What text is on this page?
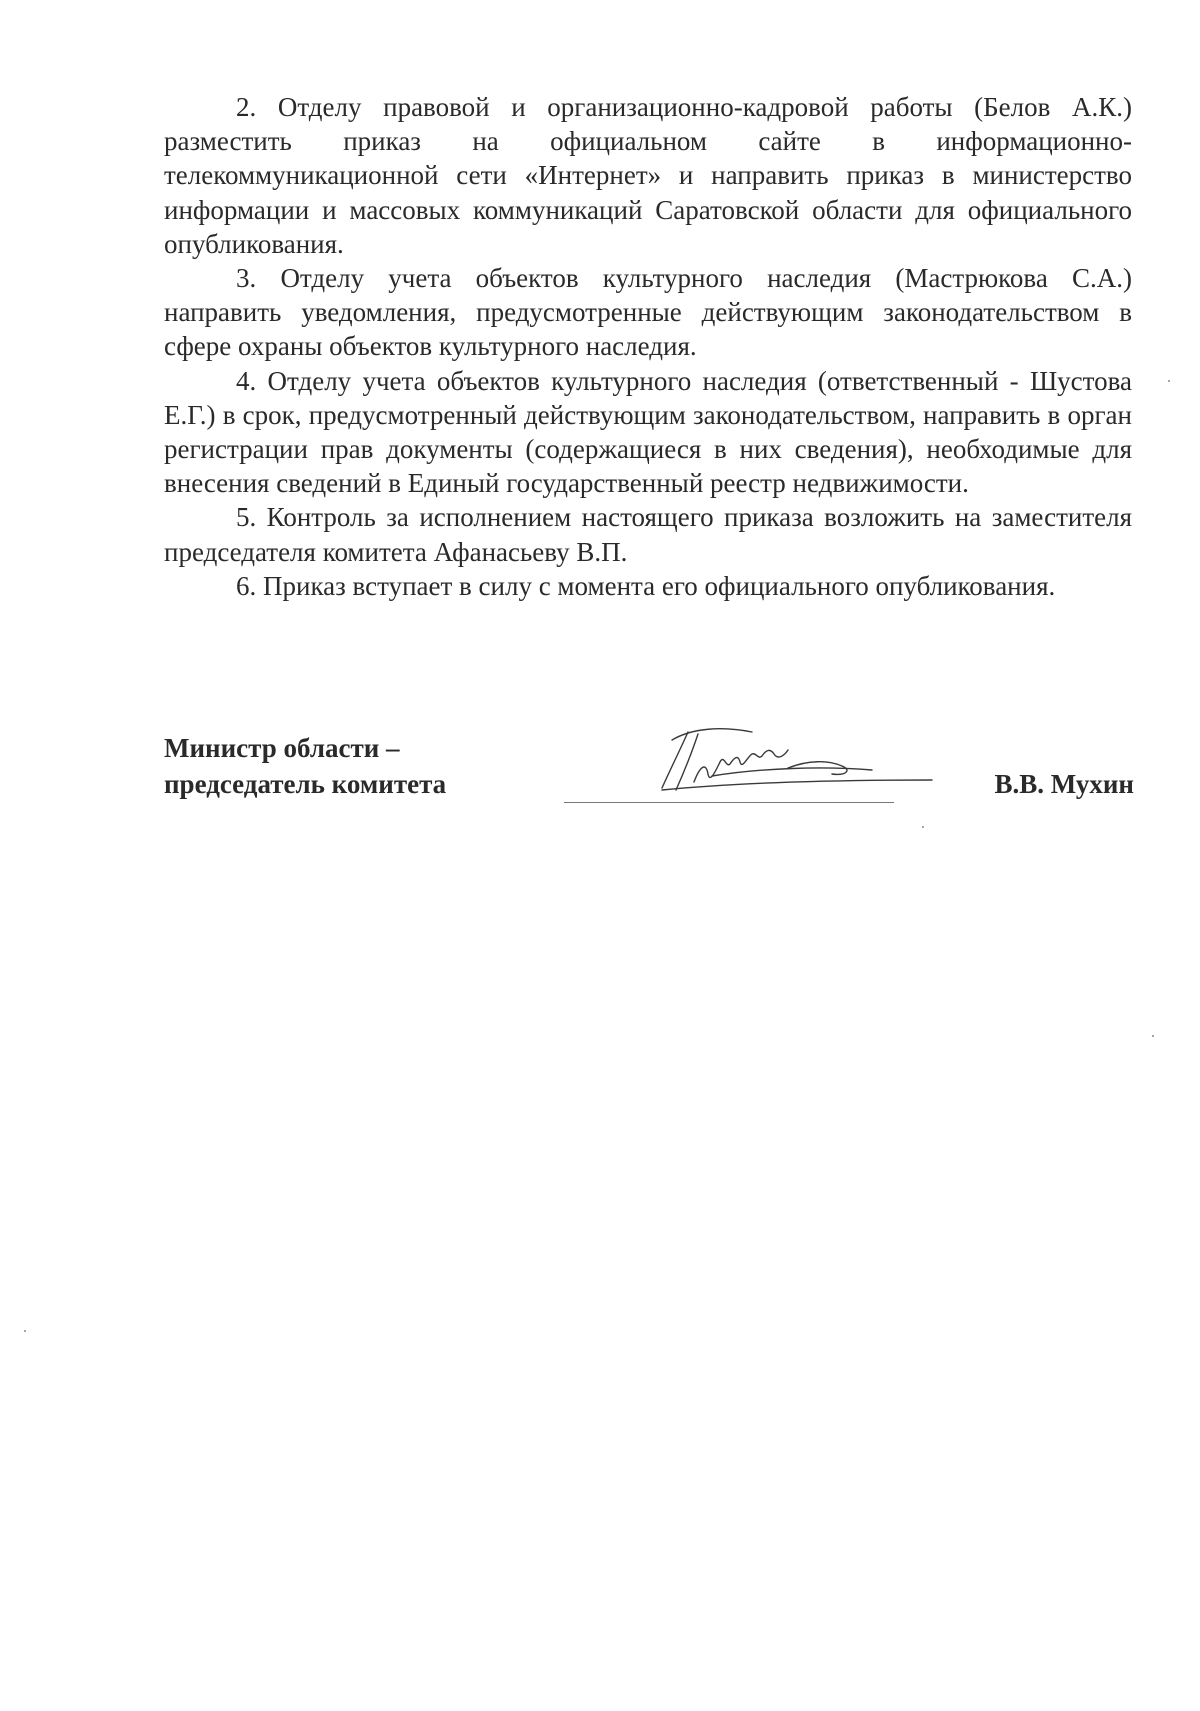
2. Отделу правовой и организационно-кадровой работы (Белов А.К.) разместить приказ на официальном сайте в информационно-телекоммуникационной сети «Интернет» и направить приказ в министерство информации и массовых коммуникаций Саратовской области для официального опубликования.

3. Отделу учета объектов культурного наследия (Мастрюкова С.А.) направить уведомления, предусмотренные действующим законодательством в сфере охраны объектов культурного наследия.

4. Отделу учета объектов культурного наследия (ответственный - Шустова Е.Г.) в срок, предусмотренный действующим законодательством, направить в орган регистрации прав документы (содержащиеся в них сведения), необходимые для внесения сведений в Единый государственный реестр недвижимости.

5. Контроль за исполнением настоящего приказа возложить на заместителя председателя комитета Афанасьеву В.П.

6. Приказ вступает в силу с момента его официального опубликования.

Министр области –
председатель комитета	В.В. Мухин
